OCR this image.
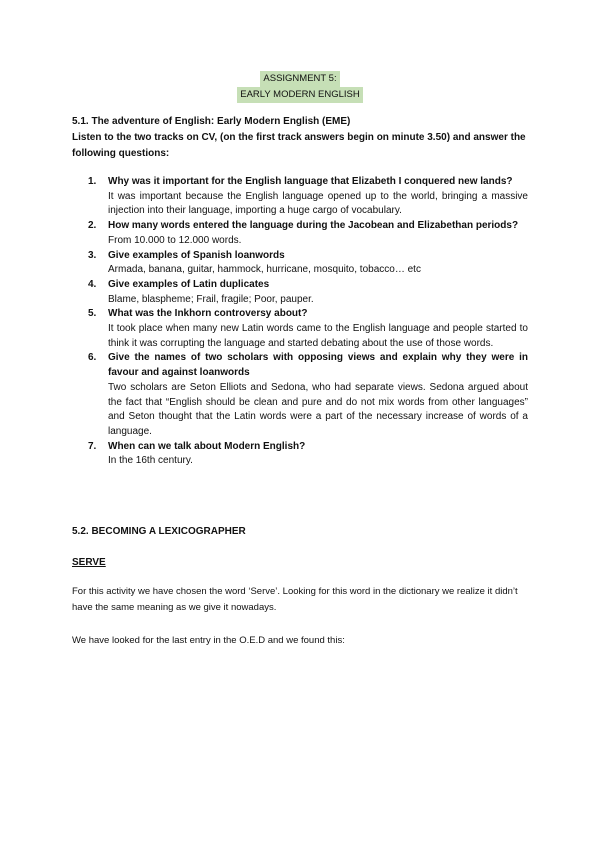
ASSIGNMENT 5:
EARLY MODERN ENGLISH
5.1. The adventure of English: Early Modern English (EME)
Listen to the two tracks on CV, (on the first track answers begin on minute 3.50) and answer the following questions:
1. Why was it important for the English language that Elizabeth I conquered new lands?
It was important because the English language opened up to the world, bringing a massive injection into their language, importing a huge cargo of vocabulary.
2. How many words entered the language during the Jacobean and Elizabethan periods?
From 10.000 to 12.000 words.
3. Give examples of Spanish loanwords
Armada, banana, guitar, hammock, hurricane, mosquito, tobacco… etc
4. Give examples of Latin duplicates
Blame, blaspheme; Frail, fragile; Poor, pauper.
5. What was the Inkhorn controversy about?
It took place when many new Latin words came to the English language and people started to think it was corrupting the language and started debating about the use of those words.
6. Give the names of two scholars with opposing views and explain why they were in favour and against loanwords
Two scholars are Seton Elliots and Sedona, who had separate views. Sedona argued about the fact that “English should be clean and pure and do not mix words from other languages” and Seton thought that the Latin words were a part of the necessary increase of words of a language.
7. When can we talk about Modern English?
In the 16th century.
5.2. BECOMING A LEXICOGRAPHER
SERVE
For this activity we have chosen the word ‘Serve’. Looking for this word in the dictionary we realize it didn’t have the same meaning as we give it nowadays.
We have looked for the last entry in the O.E.D and we found this:
